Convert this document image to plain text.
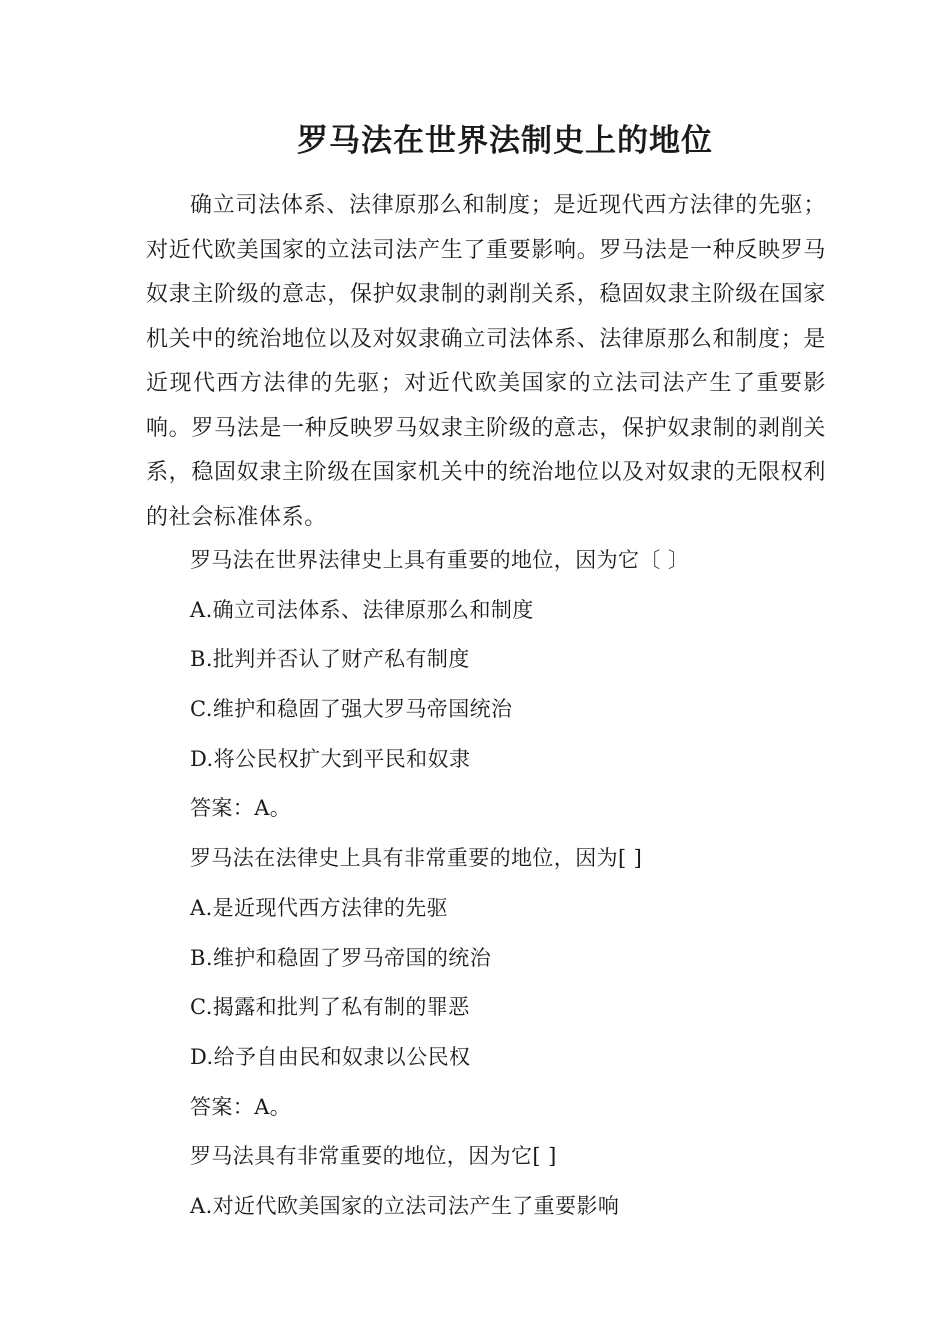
罗马法在世界法制史上的地位

确立司法体系、法律原那么和制度；是近现代西方法律的先驱；对近代欧美国家的立法司法产生了重要影响。罗马法是一种反映罗马奴隶主阶级的意志，保护奴隶制的剥削关系，稳固奴隶主阶级在国家机关中的统治地位以及对奴隶确立司法体系、法律原那么和制度；是近现代西方法律的先驱；对近代欧美国家的立法司法产生了重要影响。罗马法是一种反映罗马奴隶主阶级的意志，保护奴隶制的剥削关系，稳固奴隶主阶级在国家机关中的统治地位以及对奴隶的无限权利的社会标准体系。

罗马法在世界法律史上具有重要的地位，因为它〔 〕
A.确立司法体系、法律原那么和制度
B.批判并否认了财产私有制度
C.维护和稳固了强大罗马帝国统治
D.将公民权扩大到平民和奴隶
答案：A。
罗马法在法律史上具有非常重要的地位，因为[ ]
A.是近现代西方法律的先驱
B.维护和稳固了罗马帝国的统治
C.揭露和批判了私有制的罪恶
D.给予自由民和奴隶以公民权
答案：A。
罗马法具有非常重要的地位，因为它[ ]
A.对近代欧美国家的立法司法产生了重要影响
